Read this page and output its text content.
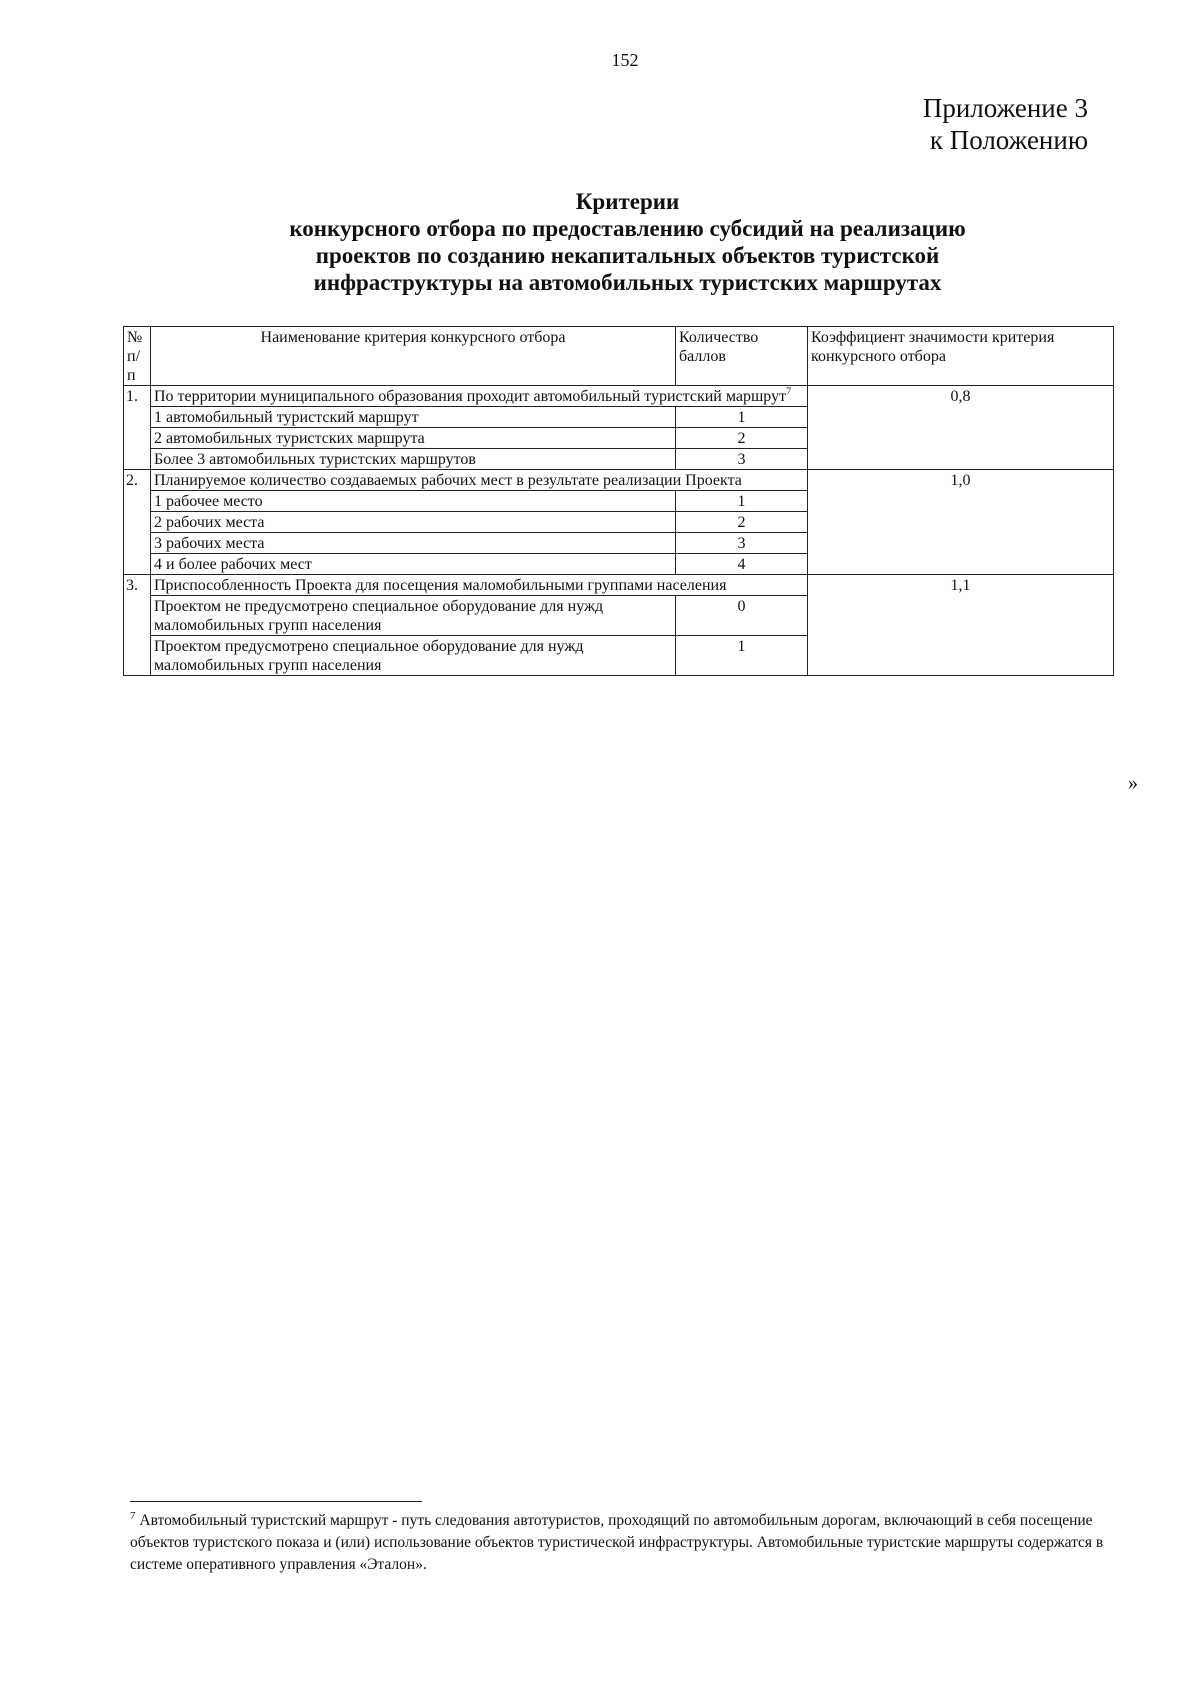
152
Приложение 3
к Положению
Критерии
конкурсного отбора по предоставлению субсидий на реализацию
проектов по созданию некапитальных объектов туристской
инфраструктуры на автомобильных туристских маршрутах
№ п/п	Наименование критерия конкурсного отбора	Количество баллов	Коэффициент значимости критерия конкурсного отбора
1.	По территории муниципального образования проходит автомобильный туристский маршрут$^7$		0,8
	1 автомобильный туристский маршрут	1	
	2 автомобильных туристских маршрута	2	
	Более 3 автомобильных туристских маршрутов	3	
2.	Планируемое количество создаваемых рабочих мест в результате реализации Проекта		1,0
	1 рабочее место	1	
	2 рабочих места	2	
	3 рабочих места	3	
	4 и более рабочих мест	4	
3.	Приспособленность Проекта для посещения маломобильными группами населения		1,1
	Проектом не предусмотрено специальное оборудование для нужд маломобильных групп населения	0	
	Проектом предусмотрено специальное оборудование для нужд маломобильных групп населения	1	
»
$^7$ Автомобильный туристский маршрут - путь следования автотуристов, проходящий по автомобильным дорогам, включающий в себя посещение объектов туристского показа и (или) использование объектов туристической инфраструктуры. Автомобильные туристские маршруты содержатся в системе оперативного управления «Эталон».
